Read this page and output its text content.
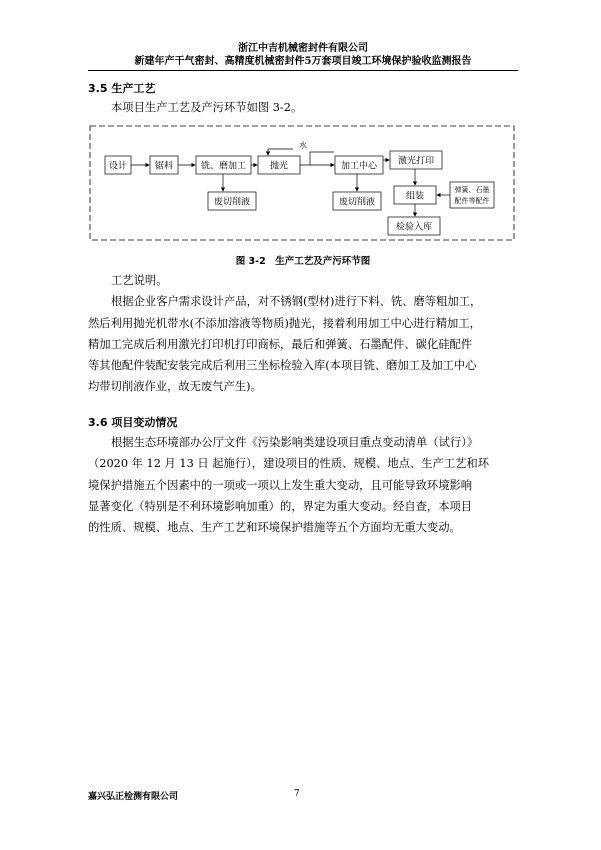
浙江中吉机械密封件有限公司
新建年产干气密封、高精度机械密封件5万套项目竣工环境保护验收监测报告
3.5 生产工艺
本项目生产工艺及产污环节如图 3-2。
设计	锯料	铣、磨加工	抛光	加工中心 激光打印
组装
检验入库
废切削液	废切削液
弹簧、石墨
配件等配件
水
图 3-2　生产工艺及产污环节图
工艺说明。
根据企业客户需求设计产品，对不锈钢(型材)进行下料、铣、磨等粗加工，
然后利用抛光机带水(不添加溶液等物质)抛光，接着利用加工中心进行精加工，
精加工完成后利用激光打印机打印商标，最后和弹簧、石墨配件、碳化硅配件
等其他配件装配安装完成后利用三坐标检验入库(本项目铣、磨加工及加工中心
均带切削液作业，故无废气产生)。
3.6 项目变动情况
根据生态环境部办公厅文件《污染影响类建设项目重点变动清单（试行）》
（2020 年 12 月 13 日 起施行），建设项目的性质、规模、地点、生产工艺和环
境保护措施五个因素中的一项或一项以上发生重大变动，且可能导致环境影响
显著变化（特别是不利环境影响加重）的，界定为重大变动。经自查，本项目
的性质、规模、地点、生产工艺和环境保护措施等五个方面均无重大变动。
嘉兴弘正检测有限公司	7
